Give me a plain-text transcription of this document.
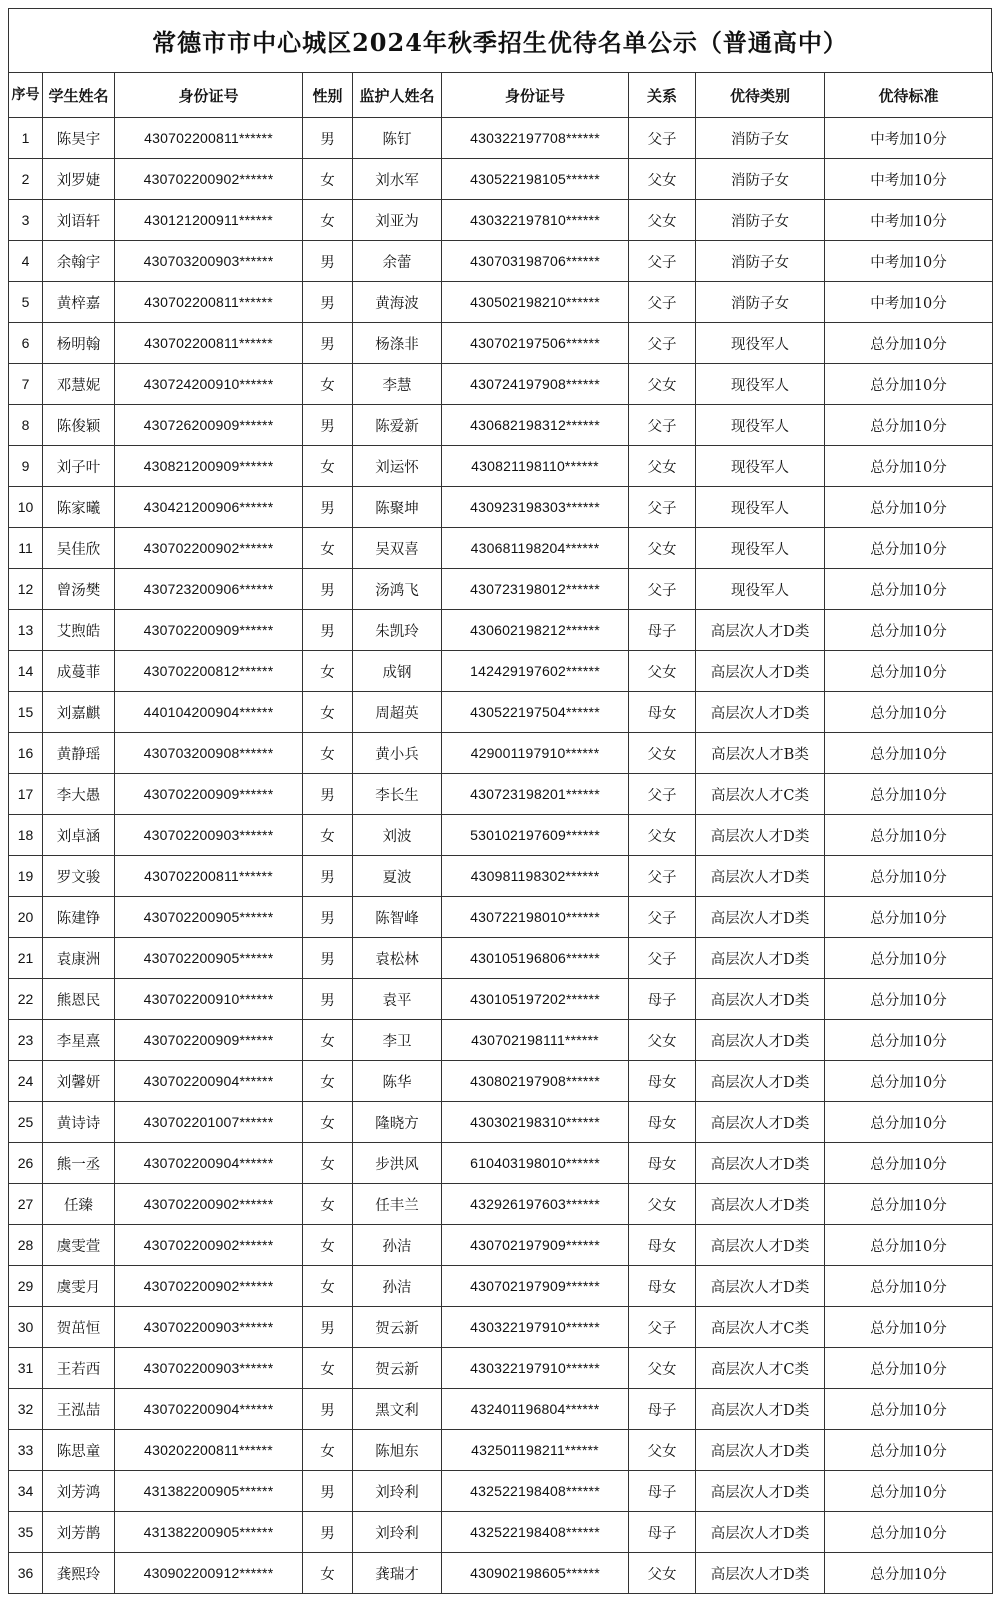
常德市市中心城区2024年秋季招生优待名单公示（普通高中）
序号	学生姓名	身份证号	性别	监护人姓名	身份证号	关系	优待类别	优待标准
1	陈昊宇	430702200811******	男	陈钉	430322197708******	父子	消防子女	中考加10分
2	刘罗婕	430702200902******	女	刘水军	430522198105******	父女	消防子女	中考加10分
3	刘语轩	430121200911******	女	刘亚为	430322197810******	父女	消防子女	中考加10分
4	余翰宇	430703200903******	男	余蕾	430703198706******	父子	消防子女	中考加10分
5	黄梓嘉	430702200811******	男	黄海波	430502198210******	父子	消防子女	中考加10分
6	杨明翰	430702200811******	男	杨涤非	430702197506******	父子	现役军人	总分加10分
7	邓慧妮	430724200910******	女	李慧	430724197908******	父女	现役军人	总分加10分
8	陈俊颖	430726200909******	男	陈爱新	430682198312******	父子	现役军人	总分加10分
9	刘子叶	430821200909******	女	刘运怀	430821198110******	父女	现役军人	总分加10分
10	陈家曦	430421200906******	男	陈聚坤	430923198303******	父子	现役军人	总分加10分
11	吴佳欣	430702200902******	女	吴双喜	430681198204******	父女	现役军人	总分加10分
12	曾汤樊	430723200906******	男	汤鸿飞	430723198012******	父子	现役军人	总分加10分
13	艾煦皓	430702200909******	男	朱凯玲	430602198212******	母子	高层次人才D类	总分加10分
14	成蔓菲	430702200812******	女	成钢	142429197602******	父女	高层次人才D类	总分加10分
15	刘嘉麒	440104200904******	女	周超英	430522197504******	母女	高层次人才D类	总分加10分
16	黄静瑶	430703200908******	女	黄小兵	429001197910******	父女	高层次人才B类	总分加10分
17	李大愚	430702200909******	男	李长生	430723198201******	父子	高层次人才C类	总分加10分
18	刘卓涵	430702200903******	女	刘波	530102197609******	父女	高层次人才D类	总分加10分
19	罗文骏	430702200811******	男	夏波	430981198302******	父子	高层次人才D类	总分加10分
20	陈建铮	430702200905******	男	陈智峰	430722198010******	父子	高层次人才D类	总分加10分
21	袁康洲	430702200905******	男	袁松林	430105196806******	父子	高层次人才D类	总分加10分
22	熊恩民	430702200910******	男	袁平	430105197202******	母子	高层次人才D类	总分加10分
23	李星熹	430702200909******	女	李卫	430702198111******	父女	高层次人才D类	总分加10分
24	刘馨妍	430702200904******	女	陈华	430802197908******	母女	高层次人才D类	总分加10分
25	黄诗诗	430702201007******	女	隆晓方	430302198310******	母女	高层次人才D类	总分加10分
26	熊一丞	430702200904******	女	步洪风	610403198010******	母女	高层次人才D类	总分加10分
27	任臻	430702200902******	女	任丰兰	432926197603******	父女	高层次人才D类	总分加10分
28	虞雯萱	430702200902******	女	孙洁	430702197909******	母女	高层次人才D类	总分加10分
29	虞雯月	430702200902******	女	孙洁	430702197909******	母女	高层次人才D类	总分加10分
30	贺茁恒	430702200903******	男	贺云新	430322197910******	父子	高层次人才C类	总分加10分
31	王若西	430702200903******	女	贺云新	430322197910******	父女	高层次人才C类	总分加10分
32	王泓喆	430702200904******	男	黑文利	432401196804******	母子	高层次人才D类	总分加10分
33	陈思童	430202200811******	女	陈旭东	432501198211******	父女	高层次人才D类	总分加10分
34	刘芳鸿	431382200905******	男	刘玲利	432522198408******	母子	高层次人才D类	总分加10分
35	刘芳鹊	431382200905******	男	刘玲利	432522198408******	母子	高层次人才D类	总分加10分
36	龚熙玲	430902200912******	女	龚瑞才	430902198605******	父女	高层次人才D类	总分加10分
